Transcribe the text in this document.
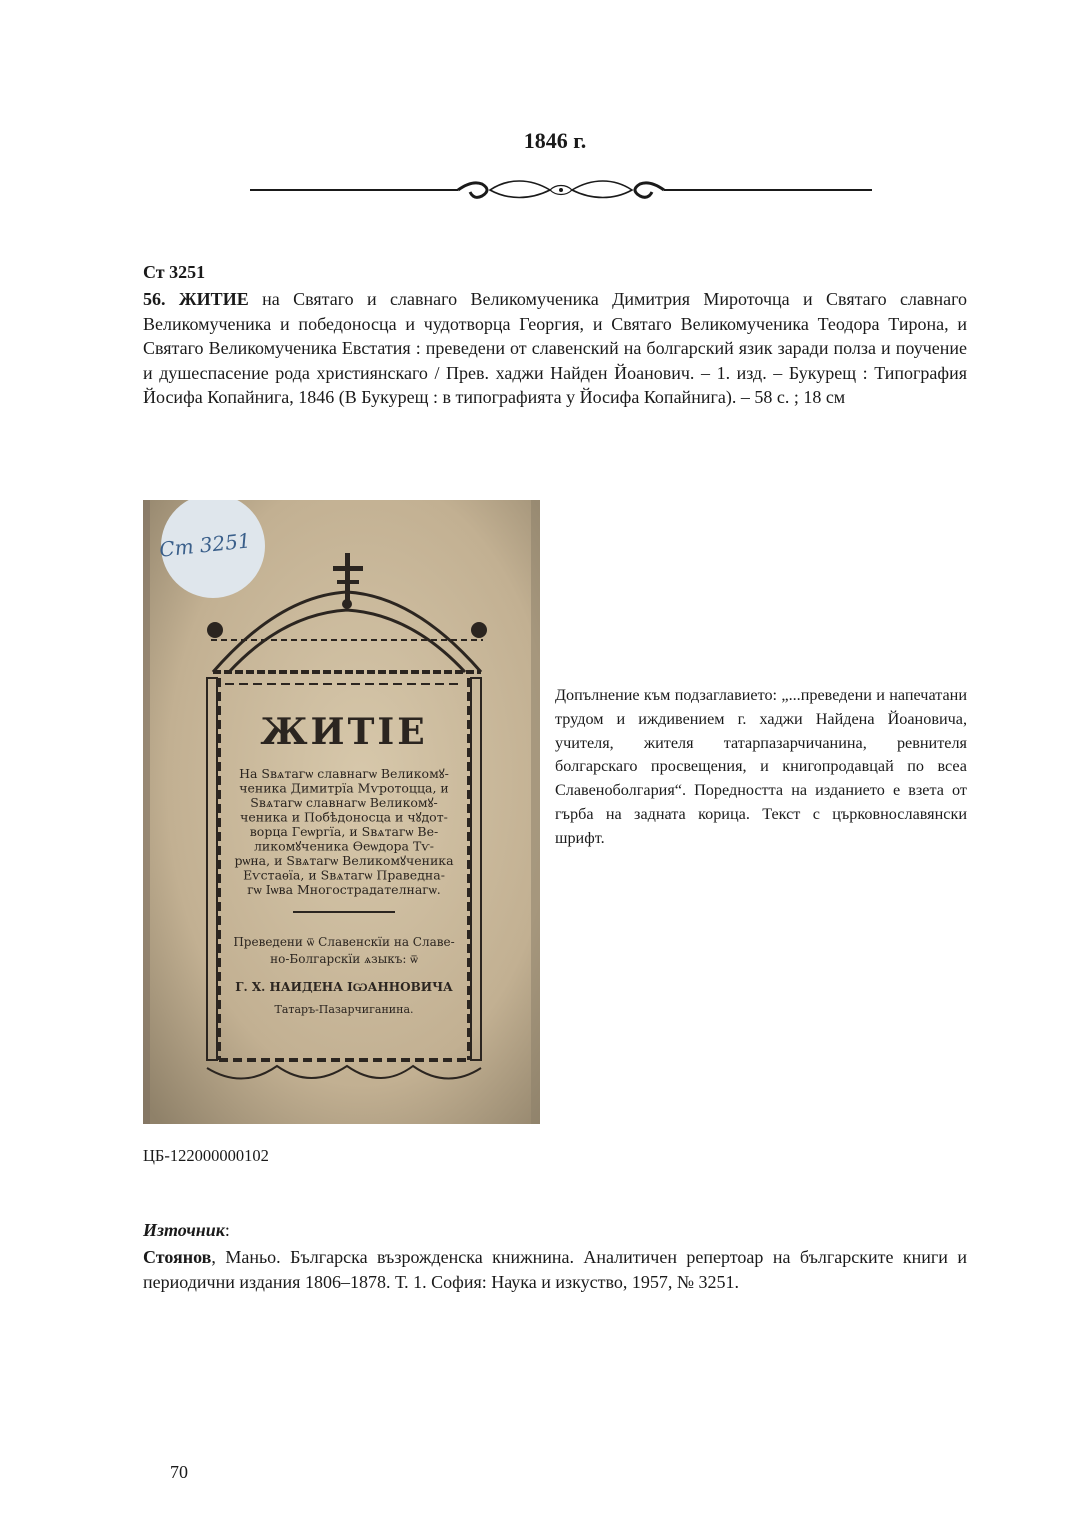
1846 г.
Ст 3251
56. ЖИТИЕ на Святаго и славнаго Великомученика Димитрия Мироточца и Святаго славнаго Великомученика и победоносца и чудотворца Георгия, и Святаго Великомученика Теодора Тирона, и Святаго Великомученика Евстатия : преведени от славенский на болгарский язик заради полза и поучение и душеспасение рода християнскаго / Прев. хаджи Найден Йоанович. – 1. изд. – Букурещ : Типография Йосифа Копайнига, 1846 (В Букурещ : в типографията у Йосифа Копайнига). – 58 с. ; 18 см
Ст 3251
ЖИТIЕ
На Ѕвѧтагѡ славнагѡ Великомꙋ-
ченика Димитрїа Мѵротоцца, и
Ѕвѧтагѡ славнагѡ Великомꙋ-
ченика и Побѣдоносца и чꙋдот-
ворца Геѡргїа, и Ѕвѧтагѡ Ве-
ликомꙋченика Ѳеѡдора Тѵ-
рѡна, и Ѕвѧтагѡ Великомꙋченика
Еѵстаѳїа, и Ѕвѧтагѡ Праведна-
гѡ Іѡва Многострадателнагѡ.
Преведени ѿ Славенскїи на Славе-
но-Болгарскїи ѧзыкъ: ѿ
Г. Х. НАИДЕНА ІѠАННОВИЧА
Татаръ-Пазарчиганина.
Допълнение към подзаглавието: „...преведени и напечатани трудом и иждивением г. хаджи Найдена Йоановича, учителя, жителя татарпазарчичанина, ревнителя болгарскаго просвещения, и книгопродавцай по всеа Славеноболгария“. Поредността на изданието е взета от гърба на задната корица. Текст с църковнославянски шрифт.
ЦБ-122000000102
Източник:
Стоянов, Маньо. Българска възрожденска книжнина. Аналитичен репертоар на българските книги и периодични издания 1806–1878. Т. 1. София: Наука и изкуство, 1957, № 3251.
70
